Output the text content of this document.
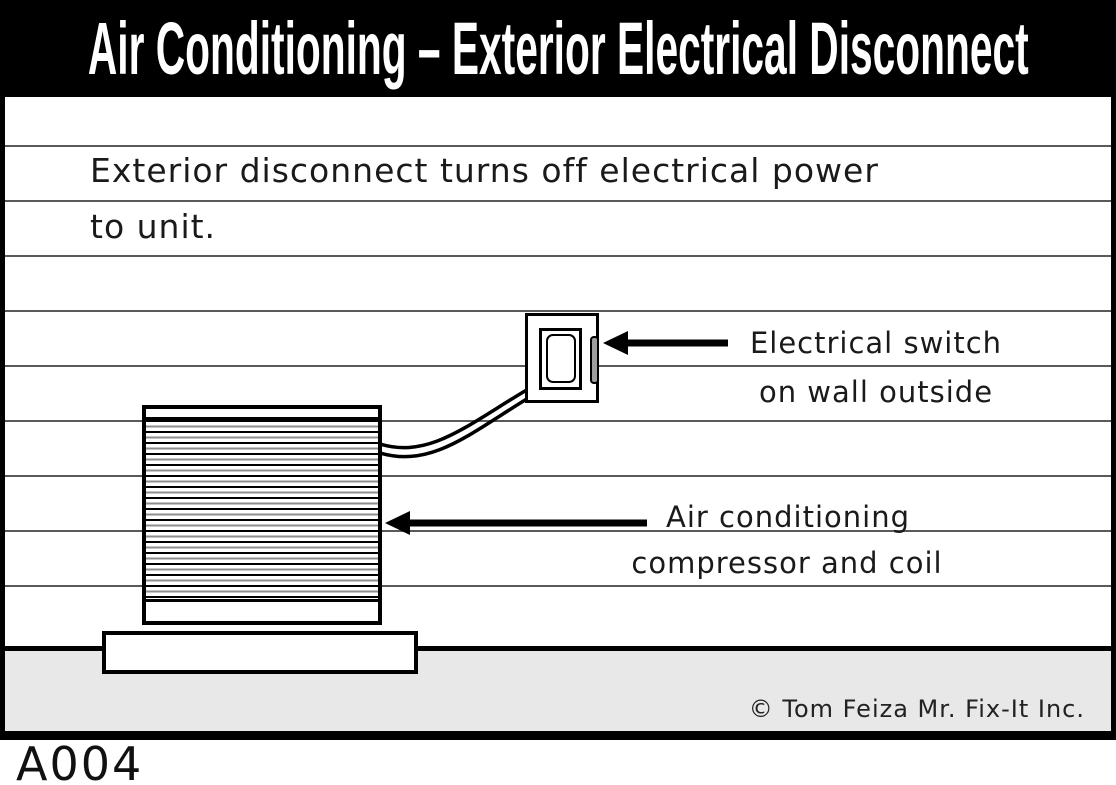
Air Conditioning – Exterior Electrical Disconnect
Exterior disconnect turns off electrical power
to unit.
Electrical switch
on wall outside
Air conditioning
compressor and coil
© Tom Feiza Mr. Fix-It Inc.
A004
